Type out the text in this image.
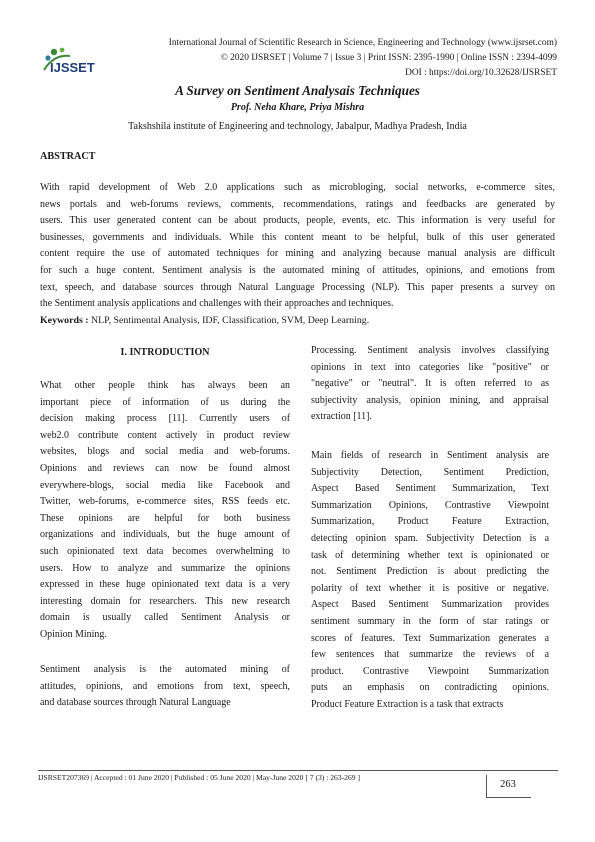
IJSSET
International Journal of Scientific Research in Science, Engineering and Technology (www.ijsrset.com)
© 2020 IJSRSET | Volume 7 | Issue 3 | Print ISSN: 2395-1990 | Online ISSN : 2394-4099
DOI : https://doi.org/10.32628/IJSRSET
A Survey on Sentiment Analysais Techniques
Prof. Neha Khare, Priya Mishra
Takshshila institute of Engineering and technology, Jabalpur, Madhya Pradesh, India
ABSTRACT
With rapid development of Web 2.0 applications such as microbloging, social networks, e-commerce sites,
news portals and web-forums reviews, comments, recommendations, ratings and feedbacks are generated by
users. This user generated content can be about products, people, events, etc. This information is very useful for
businesses, governments and individuals. While this content meant to be helpful, bulk of this user generated
content require the use of automated techniques for mining and analyzing because manual analysis are difficult
for such a huge content. Sentiment analysis is the automated mining of attitudes, opinions, and emotions from
text, speech, and database sources through Natural Language Processing (NLP). This paper presents a survey on
the Sentiment analysis applications and challenges with their approaches and techniques.
Keywords : NLP, Sentimental Analysis, IDF, Classification, SVM, Deep Learning.
I. INTRODUCTION
What other people think has always been an
important piece of information of us during the
decision making process [11]. Currently users of
web2.0 contribute content actively in product review
websites, blogs and social media and web-forums.
Opinions and reviews can now be found almost
everywhere-blogs, social media like Facebook and
Twitter, web-forums, e-commerce sites, RSS feeds etc.
These opinions are helpful for both business
organizations and individuals, but the huge amount of
such opinionated text data becomes overwhelming to
users. How to analyze and summarize the opinions
expressed in these huge opinionated text data is a very
interesting domain for researchers. This new research
domain is usually called Sentiment Analysis or
Opinion Mining.
Sentiment analysis is the automated mining of
attitudes, opinions, and emotions from text, speech,
and database sources through Natural Language
Processing. Sentiment analysis involves classifying
opinions in text into categories like "positive" or
"negative" or "neutral". It is often referred to as
subjectivity analysis, opinion mining, and appraisal
extraction [11].
Main fields of research in Sentiment analysis are
Subjectivity Detection, Sentiment Prediction,
Aspect Based Sentiment Summarization, Text
Summarization Opinions, Contrastive Viewpoint
Summarization, Product Feature Extraction,
detecting opinion spam. Subjectivity Detection is a
task of determining whether text is opinionated or
not. Sentiment Prediction is about predicting the
polarity of text whether it is positive or negative.
Aspect Based Sentiment Summarization provides
sentiment summary in the form of star ratings or
scores of features. Text Summarization generates a
few sentences that summarize the reviews of a
product. Contrastive Viewpoint Summarization
puts an emphasis on contradicting opinions.
Product Feature Extraction is a task that extracts
IJSRSET207369 | Accepted : 01 June 2020 | Published : 05 June 2020 | May-June 2020 [ 7 (3) : 263-269 ]
263
